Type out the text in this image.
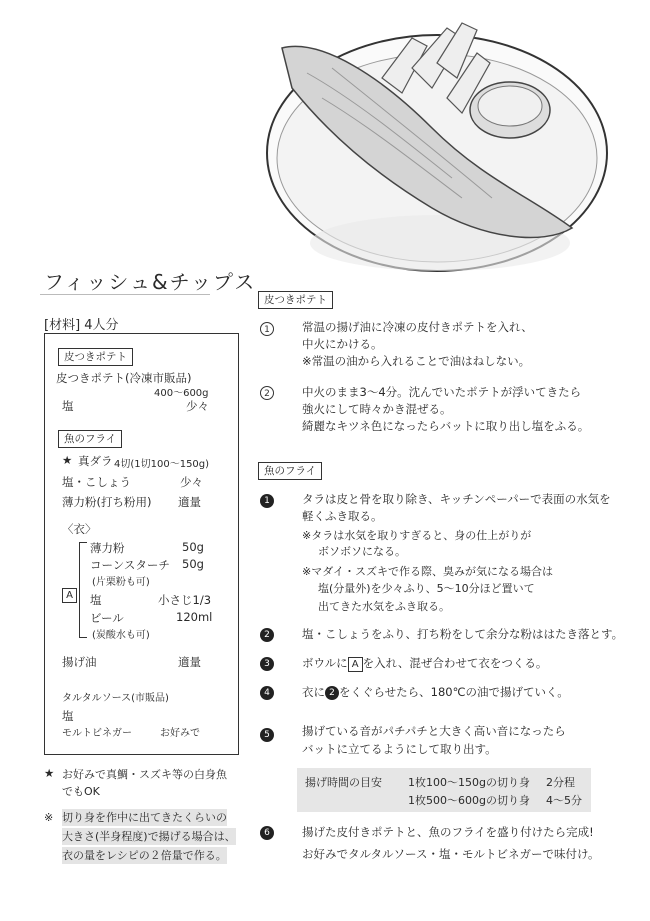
フィッシュ&チップス
[材料] 4人分
皮つきポテト
皮つきポテト(冷凍市販品)
400〜600g
塩	少々
魚のフライ
★ 真ダラ 4切(1切100〜150g)
塩・こしょう	少々
薄力粉(打ち粉用) 適量
〈衣〉
A
薄力粉	50g
コーンスターチ 50g
(片栗粉も可)
塩	小さじ1/3
ビール	120ml
(炭酸水も可)
揚げ油	適量
タルタルソース(市販品)
塩
モルトビネガー	お好みで
★ お好みで真鯛・スズキ等の白身魚
でもOK
※ 切り身を作中に出てきたくらいの
大きさ(半身程度)で揚げる場合は、
衣の量をレシピの２倍量で作る。
皮つきポテト
1	常温の揚げ油に冷凍の皮付きポテトを入れ、
中火にかける。
※常温の油から入れることで油はねしない。
2	中火のまま3〜4分。沈んでいたポテトが浮いてきたら
強火にして時々かき混ぜる。
綺麗なキツネ色になったらバットに取り出し塩をふる。
魚のフライ
1	タラは皮と骨を取り除き、キッチンペーパーで表面の水気を
軽くふき取る。
※タラは水気を取りすぎると、身の仕上がりが
ボソボソになる。
※マダイ・スズキで作る際、臭みが気になる場合は
塩(分量外)を少々ふり、5〜10分ほど置いて
出てきた水気をふき取る。
2	塩・こしょうをふり、打ち粉をして余分な粉ははたき落とす。
3	ボウルに A を入れ、混ぜ合わせて衣をつくる。
4	衣に 2 をくぐらせたら、180℃の油で揚げていく。
5	揚げている音がパチパチと大きく高い音になったら
バットに立てるようにして取り出す。
揚げ時間の目安 1枚100〜150gの切り身 2分程
1枚500〜600gの切り身 4〜5分
6	揚げた皮付きポテトと、魚のフライを盛り付けたら完成!
お好みでタルタルソース・塩・モルトビネガーで味付け。
